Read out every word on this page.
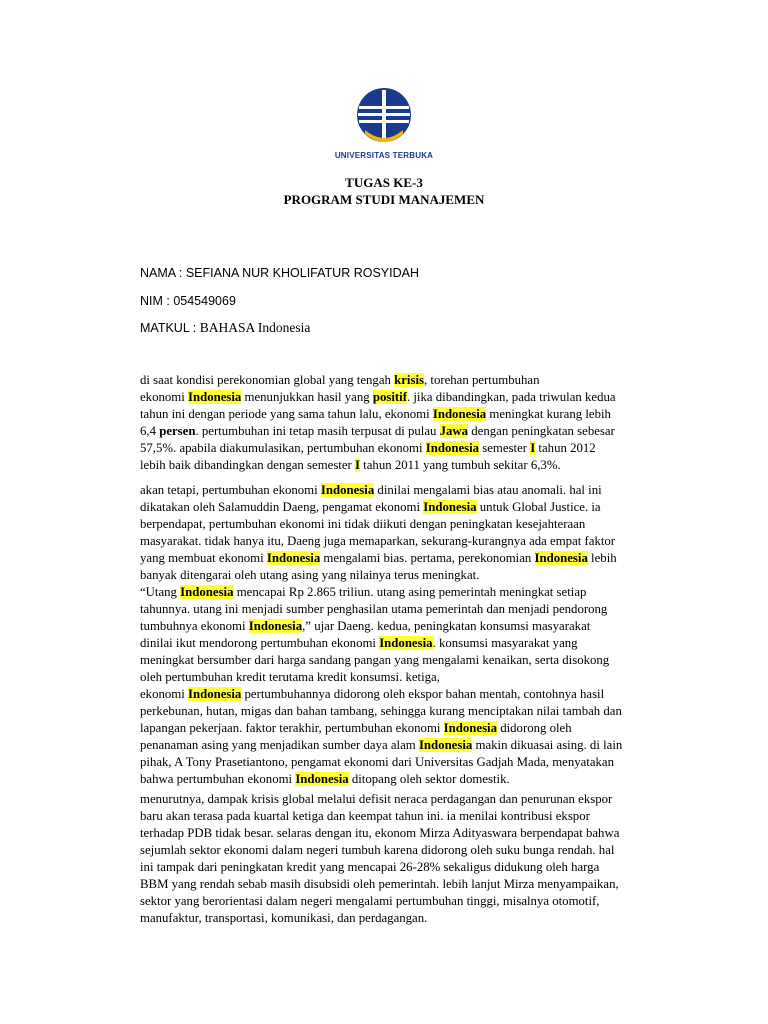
UNIVERSITAS TERBUKA
TUGAS KE-3
PROGRAM STUDI MANAJEMEN
NAMA : SEFIANA NUR KHOLIFATUR ROSYIDAH
NIM : 054549069
MATKUL : BAHASA Indonesia
di saat kondisi perekonomian global yang tengah krisis, torehan pertumbuhan
ekonomi Indonesia menunjukkan hasil yang positif. jika dibandingkan, pada triwulan kedua
tahun ini dengan periode yang sama tahun lalu, ekonomi Indonesia meningkat kurang lebih
6,4 persen. pertumbuhan ini tetap masih terpusat di pulau Jawa dengan peningkatan sebesar
57,5%. apabila diakumulasikan, pertumbuhan ekonomi Indonesia semester I tahun 2012
lebih baik dibandingkan dengan semester I tahun 2011 yang tumbuh sekitar 6,3%.
akan tetapi, pertumbuhan ekonomi Indonesia dinilai mengalami bias atau anomali. hal ini
dikatakan oleh Salamuddin Daeng, pengamat ekonomi Indonesia untuk Global Justice. ia
berpendapat, pertumbuhan ekonomi ini tidak diikuti dengan peningkatan kesejahteraan
masyarakat. tidak hanya itu, Daeng juga memaparkan, sekurang-kurangnya ada empat faktor
yang membuat ekonomi Indonesia mengalami bias. pertama, perekonomian Indonesia lebih
banyak ditengarai oleh utang asing yang nilainya terus meningkat.
“Utang Indonesia mencapai Rp 2.865 triliun. utang asing pemerintah meningkat setiap
tahunnya. utang ini menjadi sumber penghasilan utama pemerintah dan menjadi pendorong
tumbuhnya ekonomi Indonesia,” ujar Daeng. kedua, peningkatan konsumsi masyarakat
dinilai ikut mendorong pertumbuhan ekonomi Indonesia. konsumsi masyarakat yang
meningkat bersumber dari harga sandang pangan yang mengalami kenaikan, serta disokong
oleh pertumbuhan kredit terutama kredit konsumsi. ketiga,
ekonomi Indonesia pertumbuhannya didorong oleh ekspor bahan mentah, contohnya hasil
perkebunan, hutan, migas dan bahan tambang, sehingga kurang menciptakan nilai tambah dan
lapangan pekerjaan. faktor terakhir, pertumbuhan ekonomi Indonesia didorong oleh
penanaman asing yang menjadikan sumber daya alam Indonesia makin dikuasai asing. di lain
pihak, A Tony Prasetiantono, pengamat ekonomi dari Universitas Gadjah Mada, menyatakan
bahwa pertumbuhan ekonomi Indonesia ditopang oleh sektor domestik.
menurutnya, dampak krisis global melalui defisit neraca perdagangan dan penurunan ekspor
baru akan terasa pada kuartal ketiga dan keempat tahun ini. ia menilai kontribusi ekspor
terhadap PDB tidak besar. selaras dengan itu, ekonom Mirza Adityaswara berpendapat bahwa
sejumlah sektor ekonomi dalam negeri tumbuh karena didorong oleh suku bunga rendah. hal
ini tampak dari peningkatan kredit yang mencapai 26-28% sekaligus didukung oleh harga
BBM yang rendah sebab masih disubsidi oleh pemerintah. lebih lanjut Mirza menyampaikan,
sektor yang berorientasi dalam negeri mengalami pertumbuhan tinggi, misalnya otomotif,
manufaktur, transportasi, komunikasi, dan perdagangan.
